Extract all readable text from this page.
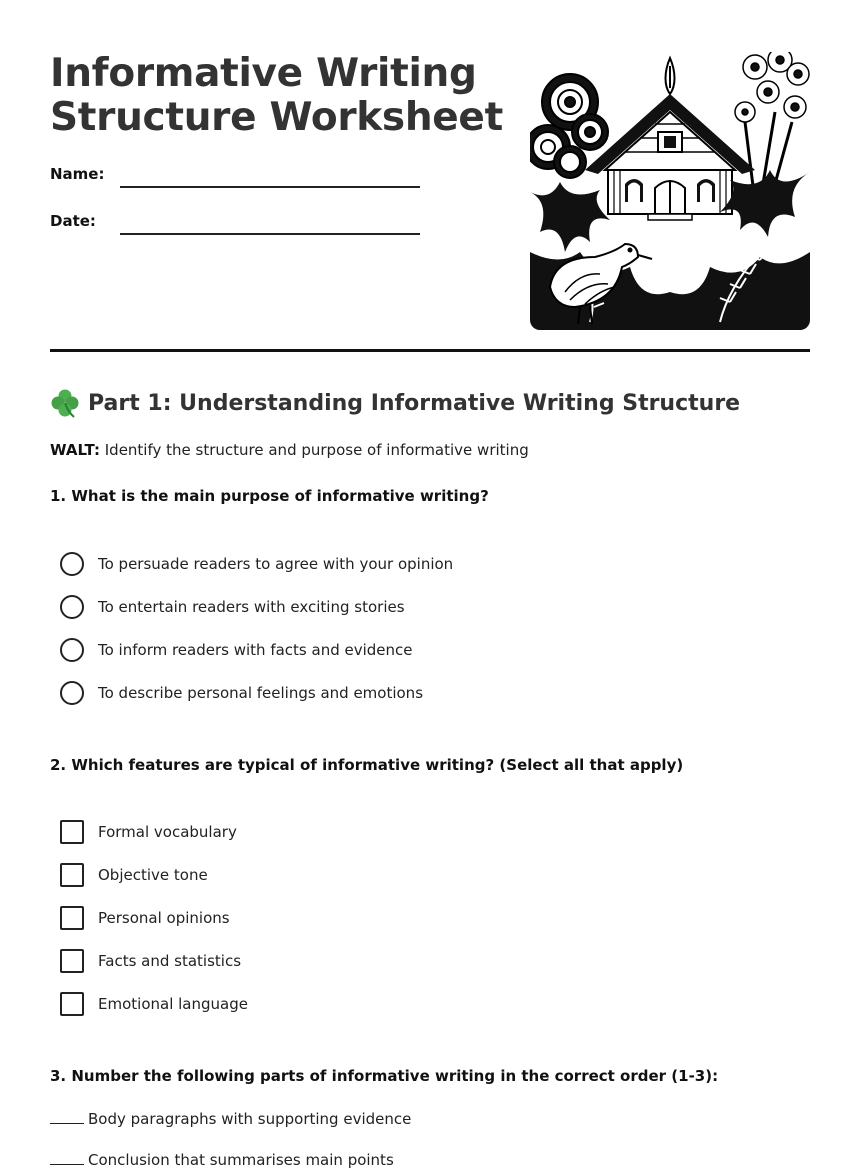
Informative Writing
Structure Worksheet
Name:
Date:
Part 1: Understanding Informative Writing Structure
WALT: Identify the structure and purpose of informative writing
1. What is the main purpose of informative writing?
To persuade readers to agree with your opinion
To entertain readers with exciting stories
To inform readers with facts and evidence
To describe personal feelings and emotions
2. Which features are typical of informative writing? (Select all that apply)
Formal vocabulary
Objective tone
Personal opinions
Facts and statistics
Emotional language
3. Number the following parts of informative writing in the correct order (1-3):
Body paragraphs with supporting evidence
Conclusion that summarises main points
